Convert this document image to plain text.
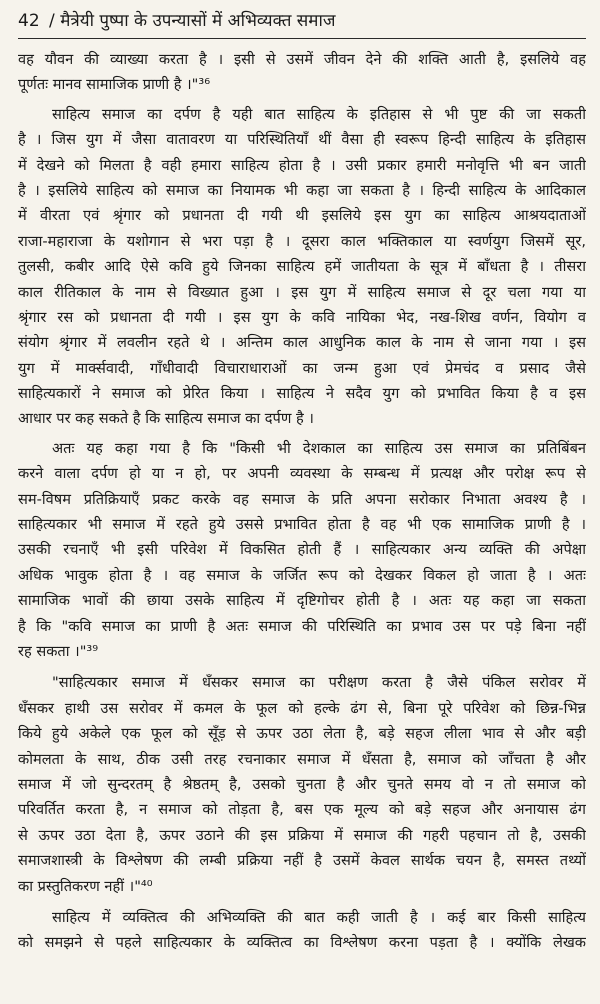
42 / मैत्रेयी पुष्पा के उपन्यासों में अभिव्यक्त समाज
वह यौवन की व्याख्या करता है । इसी से उसमें जीवन देने की शक्ति आती है, इसलिये वह
पूर्णतः मानव सामाजिक प्राणी है ।"³⁶
साहित्य समाज का दर्पण है यही बात साहित्य के इतिहास से भी पुष्ट की जा सकती
है । जिस युग में जैसा वातावरण या परिस्थितियाँ थीं वैसा ही स्वरूप हिन्दी साहित्य के इतिहास
में देखने को मिलता है वही हमारा साहित्य होता है । उसी प्रकार हमारी मनोवृत्ति भी बन जाती
है । इसलिये साहित्य को समाज का नियामक भी कहा जा सकता है । हिन्दी साहित्य के आदिकाल
में वीरता एवं श्रृंगार को प्रधानता दी गयी थी इसलिये इस युग का साहित्य आश्रयदाताओं
राजा-महाराजा के यशोगान से भरा पड़ा है । दूसरा काल भक्तिकाल या स्वर्णयुग जिसमें सूर,
तुलसी, कबीर आदि ऐसे कवि हुये जिनका साहित्य हमें जातीयता के सूत्र में बाँधता है । तीसरा
काल रीतिकाल के नाम से विख्यात हुआ । इस युग में साहित्य समाज से दूर चला गया या
श्रृंगार रस को प्रधानता दी गयी । इस युग के कवि नायिका भेद, नख-शिख वर्णन, वियोग व
संयोग श्रृंगार में लवलीन रहते थे । अन्तिम काल आधुनिक काल के नाम से जाना गया । इस
युग में मार्क्सवादी, गाँधीवादी विचाराधाराओं का जन्म हुआ एवं प्रेमचंद व प्रसाद जैसे
साहित्यकारों ने समाज को प्रेरित किया । साहित्य ने सदैव युग को प्रभावित किया है व इस
आधार पर कह सकते है कि साहित्य समाज का दर्पण है ।
अतः यह कहा गया है कि "किसी भी देशकाल का साहित्य उस समाज का प्रतिबिंबन
करने वाला दर्पण हो या न हो, पर अपनी व्यवस्था के सम्बन्ध में प्रत्यक्ष और परोक्ष रूप से
सम-विषम प्रतिक्रियाएँ प्रकट करके वह समाज के प्रति अपना सरोकार निभाता अवश्य है ।
साहित्यकार भी समाज में रहते हुये उससे प्रभावित होता है वह भी एक सामाजिक प्राणी है ।
उसकी रचनाएँ भी इसी परिवेश में विकसित होती हैं । साहित्यकार अन्य व्यक्ति की अपेक्षा
अधिक भावुक होता है । वह समाज के जर्जित रूप को देखकर विकल हो जाता है । अतः
सामाजिक भावों की छाया उसके साहित्य में दृष्टिगोचर होती है । अतः यह कहा जा सकता
है कि "कवि समाज का प्राणी है अतः समाज की परिस्थिति का प्रभाव उस पर पड़े बिना नहीं
रह सकता ।"³⁹
"साहित्यकार समाज में धँसकर समाज का परीक्षण करता है जैसे पंकिल सरोवर में
धँसकर हाथी उस सरोवर में कमल के फूल को हल्के ढंग से, बिना पूरे परिवेश को छिन्न-भिन्न
किये हुये अकेले एक फूल को सूँड़ से ऊपर उठा लेता है, बड़े सहज लीला भाव से और बड़ी
कोमलता के साथ, ठीक उसी तरह रचनाकार समाज में धँसता है, समाज को जाँचता है और
समाज में जो सुन्दरतम् है श्रेष्ठतम् है, उसको चुनता है और चुनते समय वो न तो समाज को
परिवर्तित करता है, न समाज को तोड़ता है, बस एक मूल्य को बड़े सहज और अनायास ढंग
से ऊपर उठा देता है, ऊपर उठाने की इस प्रक्रिया में समाज की गहरी पहचान तो है, उसकी
समाजशास्त्री के विश्लेषण की लम्बी प्रक्रिया नहीं है उसमें केवल सार्थक चयन है, समस्त तथ्यों
का प्रस्तुतिकरण नहीं ।"⁴⁰
साहित्य में व्यक्तित्व की अभिव्यक्ति की बात कही जाती है । कई बार किसी साहित्य
को समझने से पहले साहित्यकार के व्यक्तित्व का विश्लेषण करना पड़ता है । क्योंकि लेखक
